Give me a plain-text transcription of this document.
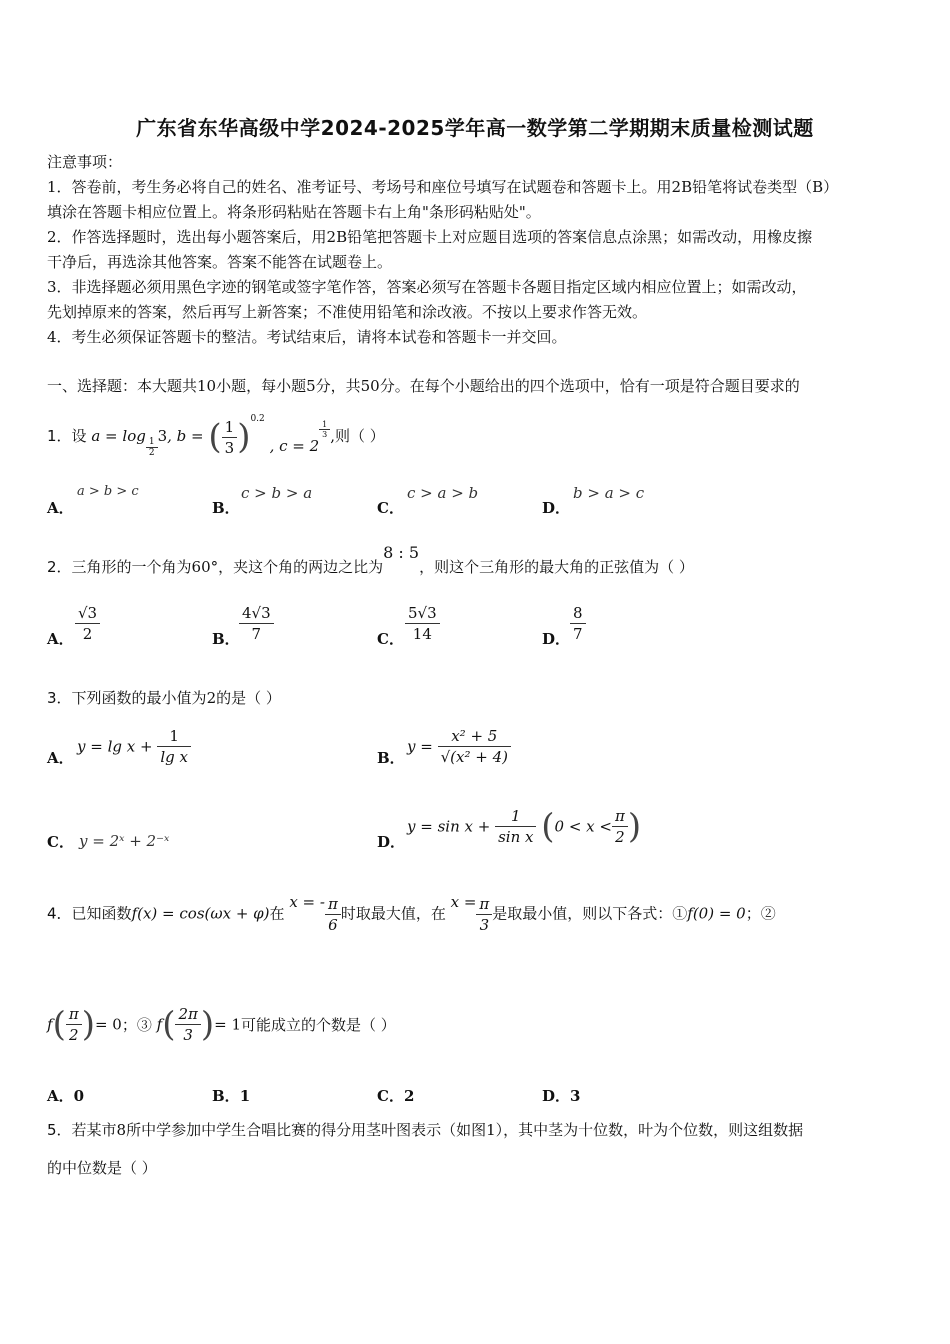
广东省东华高级中学2024-2025学年高一数学第二学期期末质量检测试题
注意事项：
1．答卷前，考生务必将自己的姓名、准考证号、考场号和座位号填写在试题卷和答题卡上。用2B铅笔将试卷类型（B）
填涂在答题卡相应位置上。将条形码粘贴在答题卡右上角"条形码粘贴处"。
2．作答选择题时，选出每小题答案后，用2B铅笔把答题卡上对应题目选项的答案信息点涂黑；如需改动，用橡皮擦
干净后，再选涂其他答案。答案不能答在试题卷上。
3．非选择题必须用黑色字迹的钢笔或签字笔作答，答案必须写在答题卡各题目指定区域内相应位置上；如需改动，
先划掉原来的答案，然后再写上新答案；不准使用铅笔和涂改液。不按以上要求作答无效。
4．考生必须保证答题卡的整洁。考试结束后，请将本试卷和答题卡一并交回。
一、选择题：本大题共10小题，每小题5分，共50分。在每个小题给出的四个选项中，恰有一项是符合题目要求的
1．设 a = log
$\frac{1}{2}$
3, b = ( $\frac{1}{3} )^{0.2}$ , c = 2
$\frac{1}{3}$ ,则（ ）
A．
a > b > c
B．
c > b > a
C．
c > a > b
D．
b > a > c
2．三角形的一个角为60°，夹这个角的两边之比为8 : 5，则这个三角形的最大角的正弦值为（ ）
A． $\frac{√3}{2}$	B． $\frac{4√3}{7}$	C． $\frac{5√3}{14}$	D． $\frac{8}{7}$
3．下列函数的最小值为2的是（ ）
A．
$y = \lg x + \frac{1}{\text{lg x}}$	B．
$y = \frac{\text{x² + 5}}{\text{√(x² + 4)}}$
C． y = 2ˣ + 2⁻ˣ	D．
$y = \sin x + \frac{1}{\text{sin x}} (0 < x < \frac{\pi}{2}$ )
4．已知函数f(x) = cos(ωx + φ)在 x = - $\frac{\pi}{6}$ 时取最大值，在 $x = \frac{\pi}{3}$ 是取最小值，则以下各式：①f(0) = 0；②
$f( \frac{\pi}{2}$ )= 0；③ $f( \frac{2\pi}{3}$ )= 1可能成立的个数是（ ）
A．0	B．1	C．2	D．3
5．若某市8所中学参加中学生合唱比赛的得分用茎叶图表示（如图1），其中茎为十位数，叶为个位数，则这组数据
的中位数是（ ）
